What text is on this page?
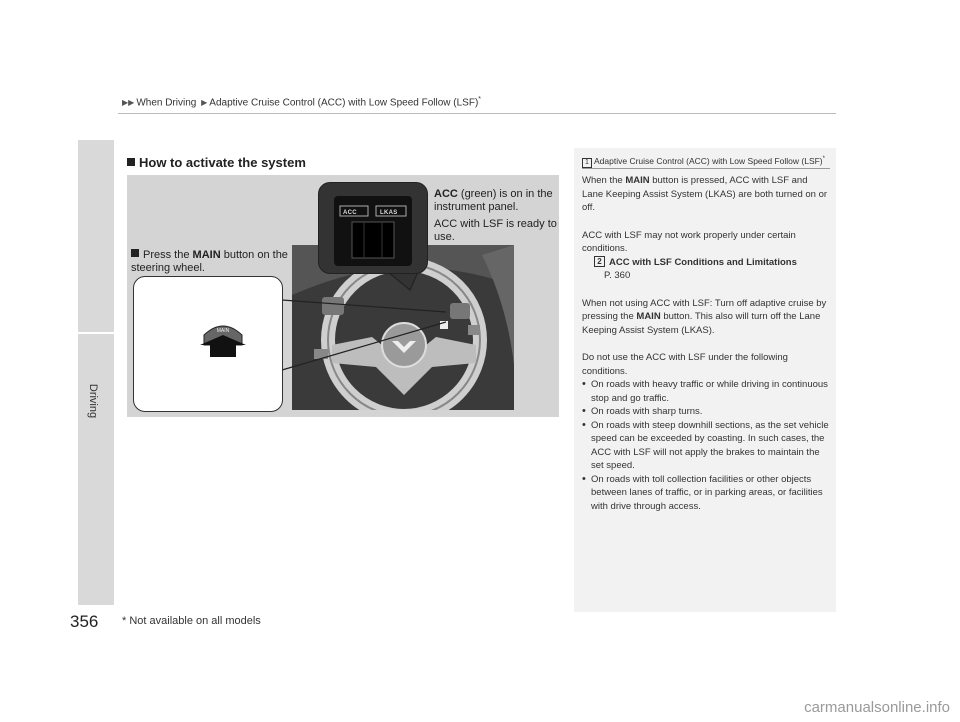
▶▶ When Driving ▶ Adaptive Cruise Control (ACC) with Low Speed Follow (LSF)*
Driving
356 * Not available on all models
How to activate the system
ACC	LKAS
MAIN
Press the MAIN button on the steering wheel.

ACC (green) is on in the instrument panel.

ACC with LSF is ready to use.

1 Adaptive Cruise Control (ACC) with Low Speed Follow (LSF)*

When the MAIN button is pressed, ACC with LSF and Lane Keeping Assist System (LKAS) are both turned on or off.

ACC with LSF may not work properly under certain conditions.

2 ACC with LSF Conditions and Limitations

P. 360

When not using ACC with LSF: Turn off adaptive cruise by pressing the MAIN button. This also will turn off the Lane Keeping Assist System (LKAS).

Do not use the ACC with LSF under the following conditions.

• On roads with heavy traffic or while driving in continuous stop and go traffic.
• On roads with sharp turns.
• On roads with steep downhill sections, as the set vehicle speed can be exceeded by coasting. In such cases, the ACC with LSF will not apply the brakes to maintain the set speed.
• On roads with toll collection facilities or other objects between lanes of traffic, or in parking areas, or facilities with drive through access.
carmanualsonline.info
